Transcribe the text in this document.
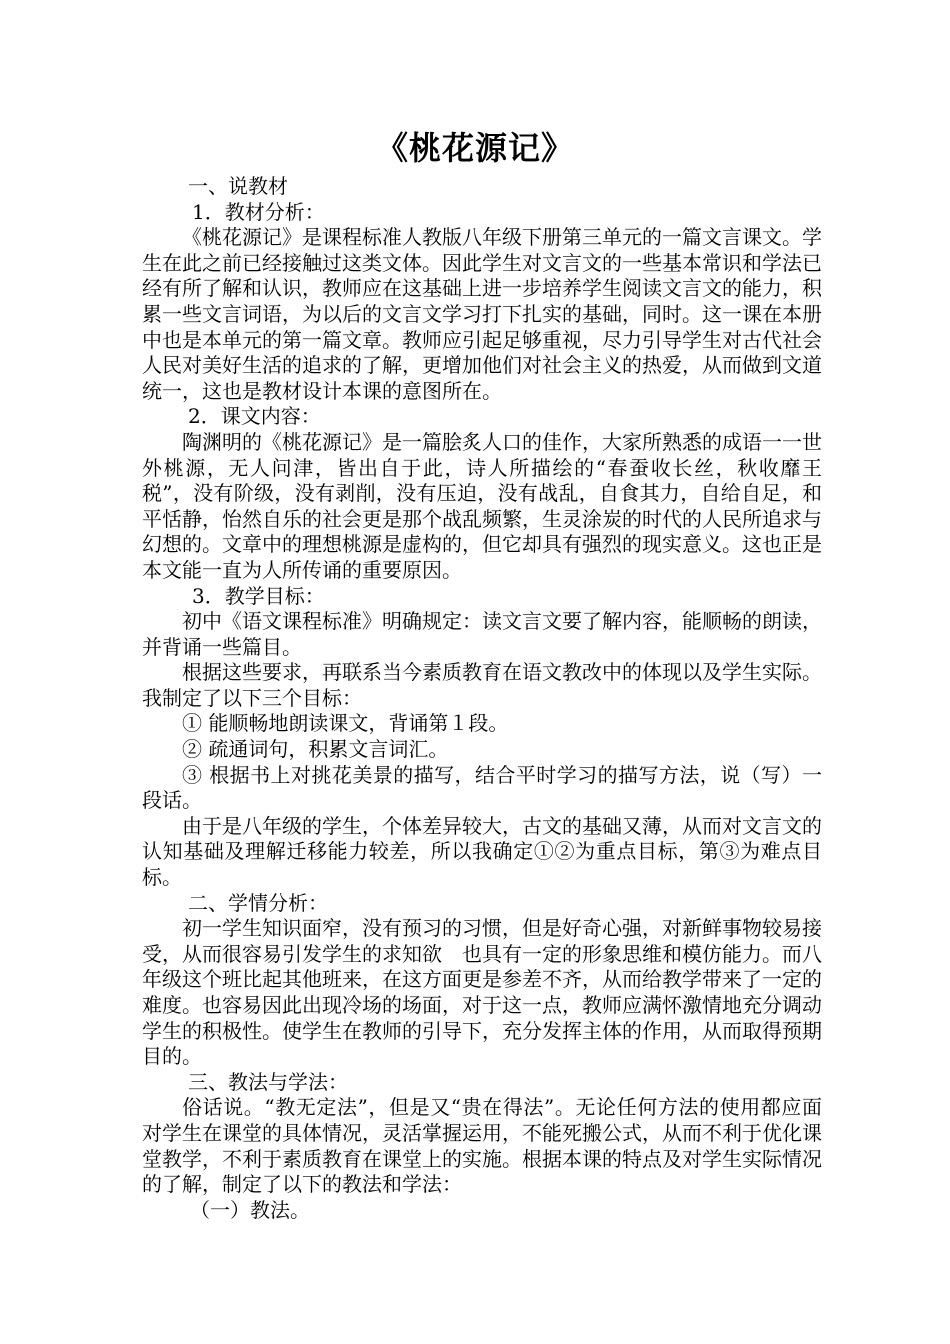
《桃花源记》

一、说教材

1．教材分析：

《桃花源记》是课程标准人教版八年级下册第三单元的一篇文言课文。学生在此之前已经接触过这类文体。因此学生对文言文的一些基本常识和学法已经有所了解和认识，教师应在这基础上进一步培养学生阅读文言文的能力，积累一些文言词语，为以后的文言文学习打下扎实的基础，同时。这一课在本册中也是本单元的第一篇文章。教师应引起足够重视，尽力引导学生对古代社会人民对美好生活的追求的了解，更增加他们对社会主义的热爱，从而做到文道统一，这也是教材设计本课的意图所在。

2．课文内容：

陶渊明的《桃花源记》是一篇脍炙人口的佳作，大家所熟悉的成语一一世外桃源，无人问津，皆出自于此，诗人所描绘的“春蚕收长丝，秋收靡王税”，没有阶级，没有剥削，没有压迫，没有战乱，自食其力，自给自足，和平恬静，怡然自乐的社会更是那个战乱频繁，生灵涂炭的时代的人民所追求与幻想的。文章中的理想桃源是虚构的，但它却具有强烈的现实意义。这也正是本文能一直为人所传诵的重要原因。

3．教学目标：

初中《语文课程标准》明确规定：读文言文要了解内容，能顺畅的朗读，并背诵一些篇目。

根据这些要求，再联系当今素质教育在语文教改中的体现以及学生实际。我制定了以下三个目标：

① 能顺畅地朗读课文，背诵第１段。

② 疏通词句，积累文言词汇。

③ 根据书上对挑花美景的描写，结合平时学习的描写方法，说（写）一段话。

由于是八年级的学生，个体差异较大，古文的基础又薄，从而对文言文的认知基础及理解迁移能力较差，所以我确定①②为重点目标，第③为难点目标。

二、学情分析：

初一学生知识面窄，没有预习的习惯，但是好奇心强，对新鲜事物较易接受，从而很容易引发学生的求知欲　也具有一定的形象思维和模仿能力。而八年级这个班比起其他班来，在这方面更是参差不齐，从而给教学带来了一定的难度。也容易因此出现冷场的场面，对于这一点，教师应满怀激情地充分调动学生的积极性。使学生在教师的引导下，充分发挥主体的作用，从而取得预期目的。

三、教法与学法：

俗话说。“教无定法”，但是又“贵在得法”。无论任何方法的使用都应面对学生在课堂的具体情况，灵活掌握运用，不能死搬公式，从而不利于优化课堂教学，不利于素质教育在课堂上的实施。根据本课的特点及对学生实际情况的了解，制定了以下的教法和学法：

（一）教法。
